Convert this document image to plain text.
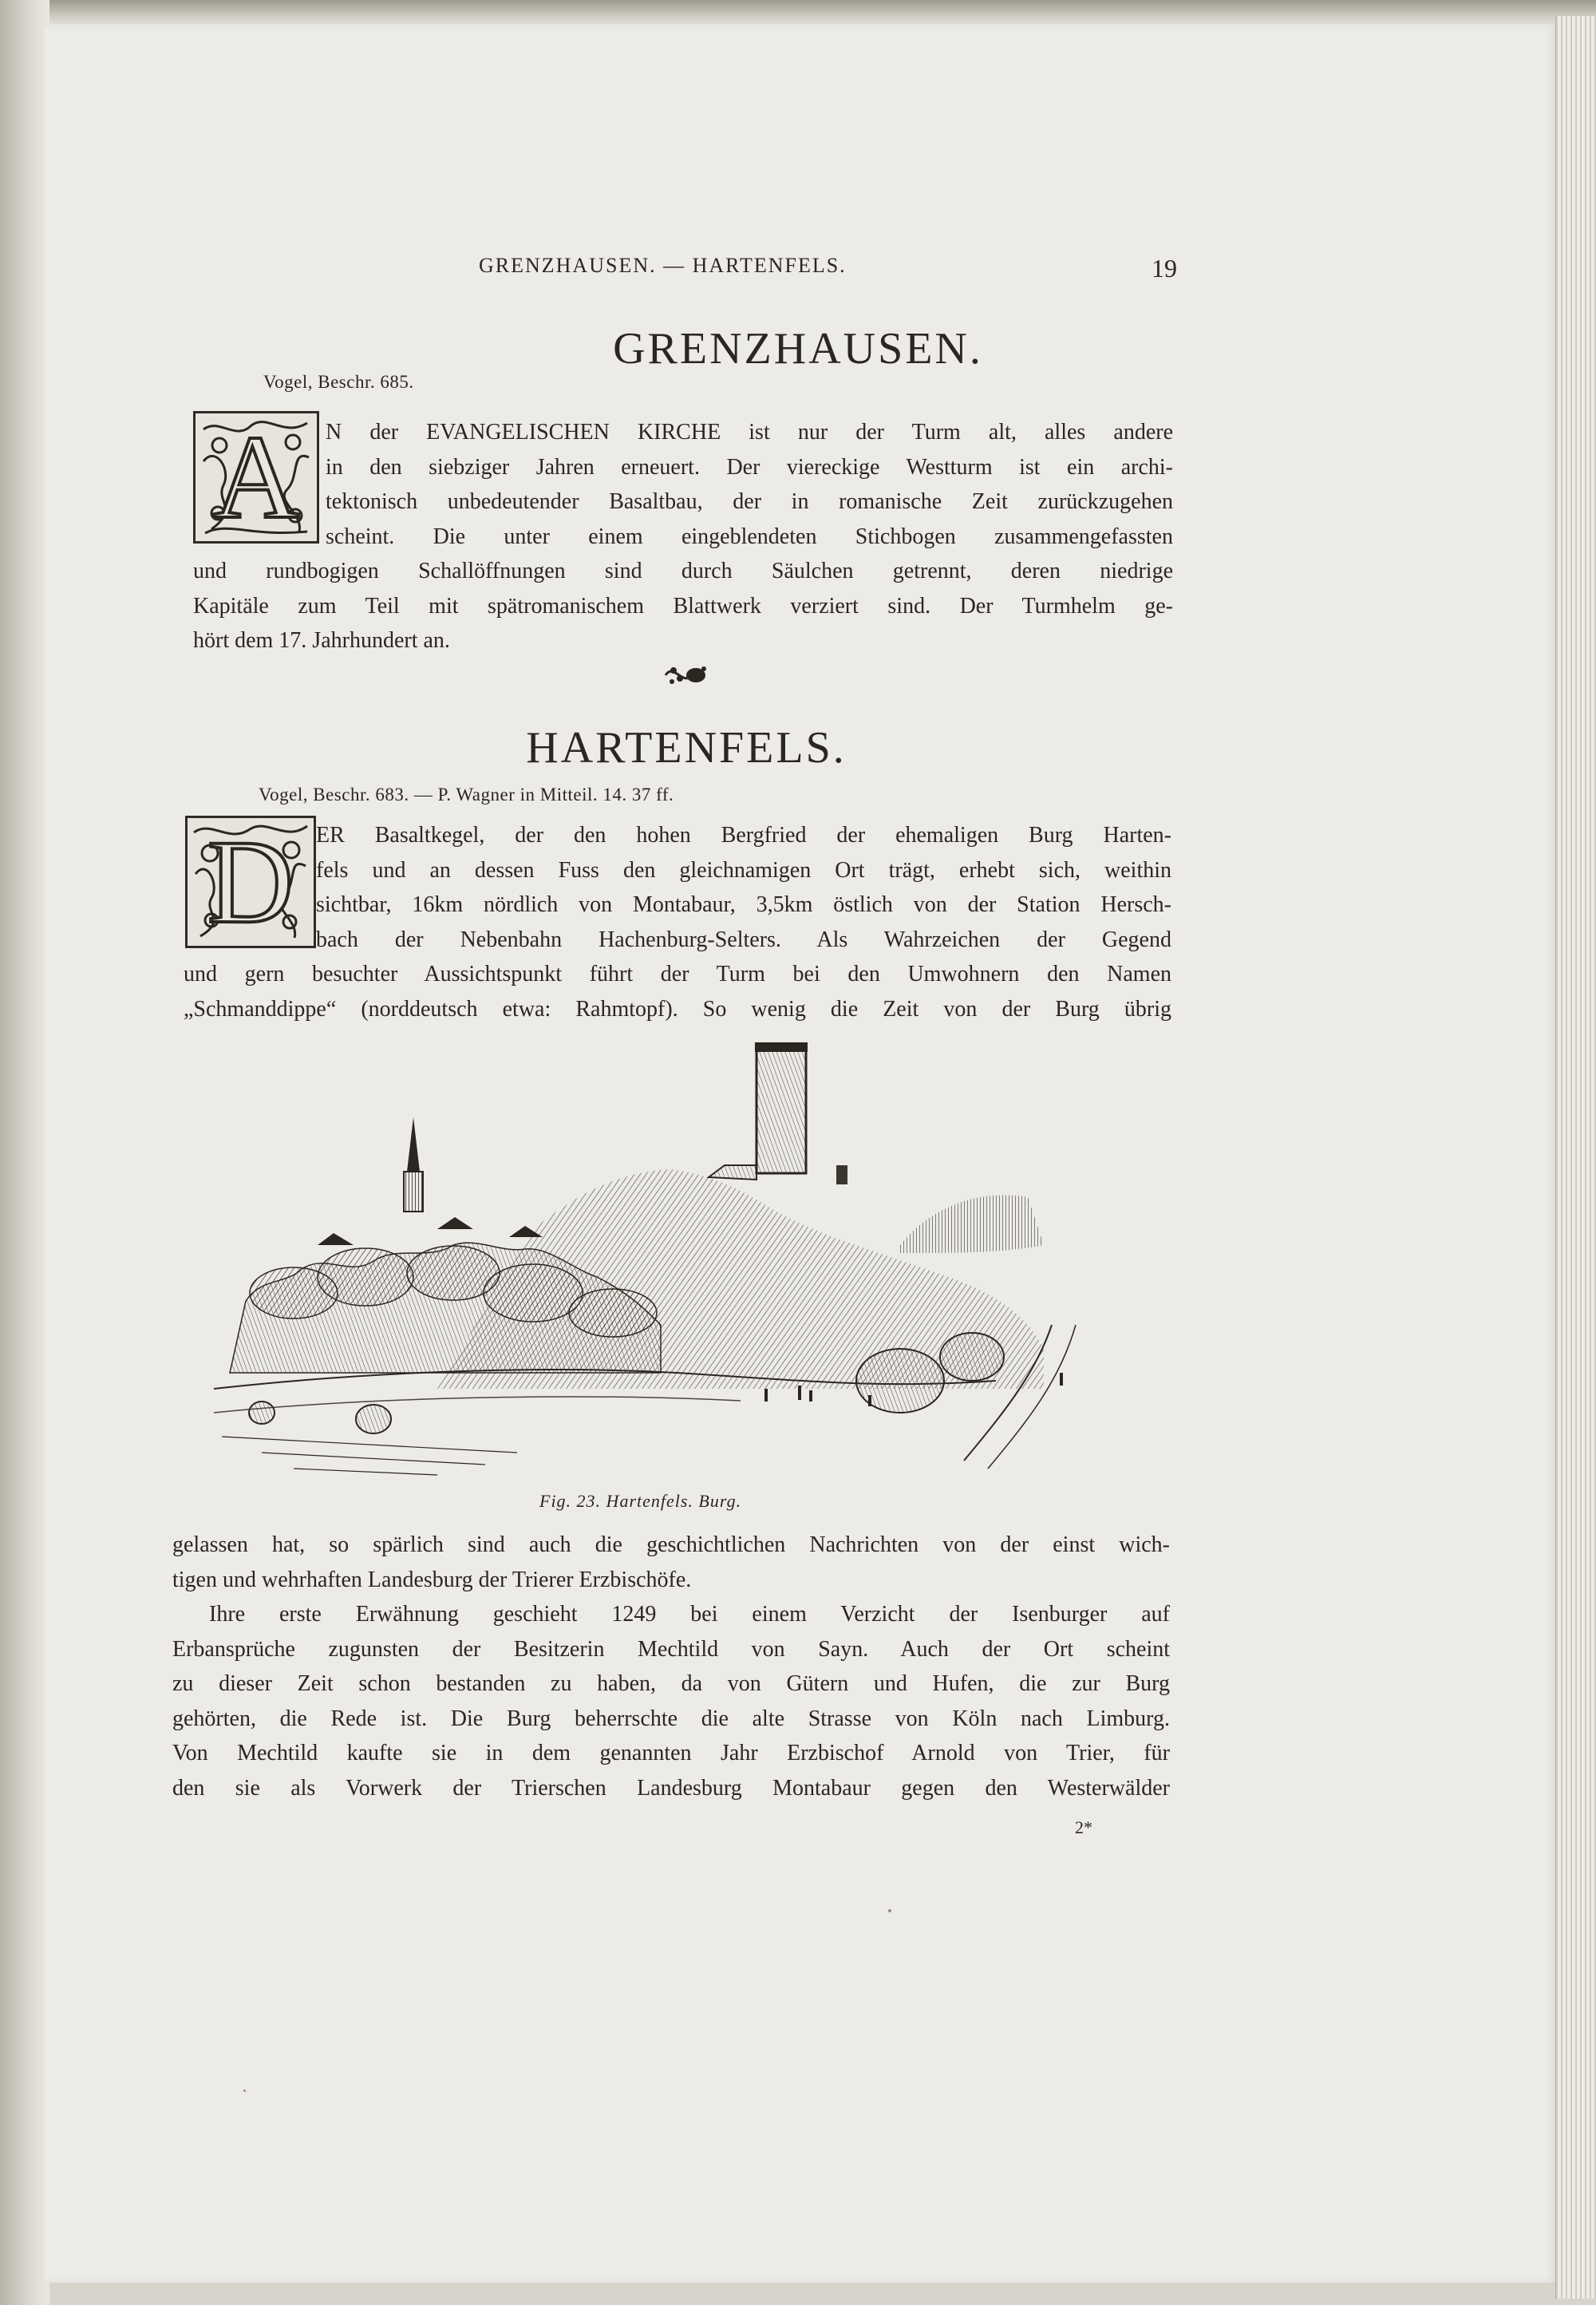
GRENZHAUSEN. — HARTENFELS.	19
GRENZHAUSEN.
Vogel, Beschr. 685.
A N der EVANGELISCHEN KIRCHE ist nur der Turm alt, alles andere
in den siebziger Jahren erneuert. Der viereckige Westturm ist ein archi-
tektonisch unbedeutender Basaltbau, der in romanische Zeit zurückzugehen
scheint. Die unter einem eingeblendeten Stichbogen zusammengefassten
und rundbogigen Schallöffnungen sind durch Säulchen getrennt, deren niedrige
Kapitäle zum Teil mit spätromanischem Blattwerk verziert sind. Der Turmhelm ge-
hört dem 17. Jahrhundert an.
HARTENFELS.
Vogel, Beschr. 683. — P. Wagner in Mitteil. 14. 37 ff.
D ER Basaltkegel, der den hohen Bergfried der ehemaligen Burg Harten-
fels und an dessen Fuss den gleichnamigen Ort trägt, erhebt sich, weithin
sichtbar, 16km nördlich von Montabaur, 3,5km östlich von der Station Hersch-
bach der Nebenbahn Hachenburg-Selters. Als Wahrzeichen der Gegend
und gern besuchter Aussichtspunkt führt der Turm bei den Umwohnern den Namen
„Schmanddippe“ (norddeutsch etwa: Rahmtopf). So wenig die Zeit von der Burg übrig
Fig. 23. Hartenfels. Burg.
gelassen hat, so spärlich sind auch die geschichtlichen Nachrichten von der einst wich-
tigen und wehrhaften Landesburg der Trierer Erzbischöfe.
Ihre erste Erwähnung geschieht 1249 bei einem Verzicht der Isenburger auf
Erbansprüche zugunsten der Besitzerin Mechtild von Sayn. Auch der Ort scheint
zu dieser Zeit schon bestanden zu haben, da von Gütern und Hufen, die zur Burg
gehörten, die Rede ist. Die Burg beherrschte die alte Strasse von Köln nach Limburg.
Von Mechtild kaufte sie in dem genannten Jahr Erzbischof Arnold von Trier, für
den sie als Vorwerk der Trierschen Landesburg Montabaur gegen den Westerwälder
2*
